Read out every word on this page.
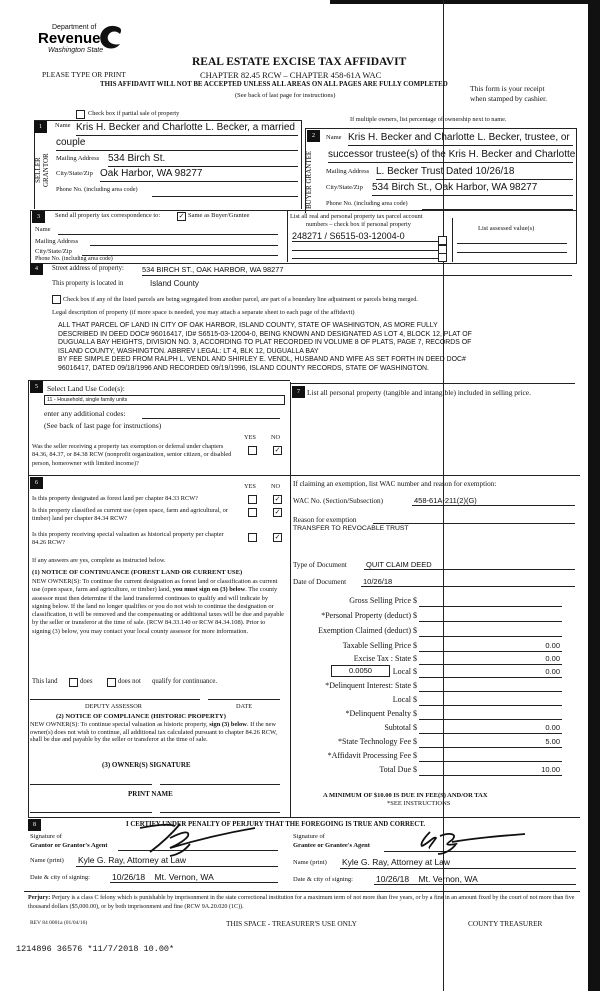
Department of
Revenue
Washington State
PLEASE TYPE OR PRINT
REAL ESTATE EXCISE TAX AFFIDAVIT
CHAPTER 82.45 RCW – CHAPTER 458-61A WAC
THIS AFFIDAVIT WILL NOT BE ACCEPTED UNLESS ALL AREAS ON ALL PAGES ARE FULLY COMPLETED
(See back of last page for instructions)
This form is your receipt
when stamped by cashier.
Check box if partial sale of property
If multiple owners, list percentage of ownership next to name.
1
SELLER GRANTOR
Name Kris H. Becker and Charlotte L. Becker, a married
couple
Mailing Address 534 Birch St.
City/State/Zip Oak Harbor, WA 98277
Phone No. (including area code)
2
BUYER GRANTEE
Name Kris H. Becker and Charlotte L. Becker, trustee, or
successor trustee(s) of the Kris H. Becker and Charlotte
Mailing Address L. Becker Trust Dated 10/26/18
City/State/Zip 534 Birch St., Oak Harbor, WA 98277
Phone No. (including area code)
3	Send all property tax correspondence to:	✓ Same as Buyer/Grantee
Name
Mailing Address
City/State/Zip
Phone No. (including area code)
List all real and personal property tax parcel account
numbers – check box if personal property
List assessed value(s)
248271 / S6515-03-12004-0
4	Street address of property: 534 BIRCH ST., OAK HARBOR, WA 98277
This property is located in	Island County
Check box if any of the listed parcels are being segregated from another parcel, are part of a boundary line adjustment or parcels being merged.
Legal description of property (if more space is needed, you may attach a separate sheet to each page of the affidavit)
ALL THAT PARCEL OF LAND IN CITY OF OAK HARBOR, ISLAND COUNTY, STATE OF WASHINGTON, AS MORE FULLY
DESCRIBED IN DEED DOC# 96016417, ID# S6515-03-12004-0, BEING KNOWN AND DESIGNATED AS LOT 4, BLOCK 12, PLAT OF
DUGUALLA BAY HEIGHTS, DIVISION NO. 3, ACCORDING TO PLAT RECORDED IN VOLUME 8 OF PLATS, PAGE 7, RECORDS OF
ISLAND COUNTY, WASHINGTON. ABBREV LEGAL: LT 4, BLK 12, DUGUALLA BAY
BY FEE SIMPLE DEED FROM RALPH L. VENDL AND SHIRLEY E. VENDL, HUSBAND AND WIFE AS SET FORTH IN DEED DOC#
96016417, DATED 09/18/1996 AND RECORDED 09/19/1996, ISLAND COUNTY RECORDS, STATE OF WASHINGTON.
5	Select Land Use Code(s):
11 - Household, single family units
enter any additional codes:
(See back of last page for instructions)
YES NO
Was the seller receiving a property tax exemption or deferral under chapters 84.36, 84.37, or 84.38 RCW (nonprofit organization, senior citizen, or disabled person, homeowner with limited income)?
✓
6	YES NO
Is this property designated as forest land per chapter 84.33 RCW?	✓
Is this property classified as current use (open space, farm and agricultural, or timber) land per chapter 84.34 RCW?
✓
Is this property receiving special valuation as historical property per chapter 84.26 RCW?
✓
If any answers are yes, complete as instructed below.
(1) NOTICE OF CONTINUANCE (FOREST LAND OR CURRENT USE)
NEW OWNER(S): To continue the current designation as forest land or classification as current use (open space, farm and agriculture, or timber) land, you must sign on (3) below. The county assessor must then determine if the land transferred continues to qualify and will indicate by signing below. If the land no longer qualifies or you do not wish to continue the designation or classification, it will be removed and the compensating or additional taxes will be due and payable by the seller or transferor at the time of sale. (RCW 84.33.140 or RCW 84.34.108). Prior to signing (3) below, you may contact your local county assessor for more information.
This land	does	does not qualify for continuance.
DEPUTY ASSESSOR	DATE
(2) NOTICE OF COMPLIANCE (HISTORIC PROPERTY)
NEW OWNER(S): To continue special valuation as historic property, sign (3) below. If the new owner(s) does not wish to continue, all additional tax calculated pursuant to chapter 84.26 RCW, shall be due and payable by the seller or transferor at the time of sale.
(3) OWNER(S) SIGNATURE
PRINT NAME
7 List all personal property (tangible and intangible) included in selling price.
If claiming an exemption, list WAC number and reason for exemption:
WAC No. (Section/Subsection)	458-61A-211(2)(G)
Reason for exemption
TRANSFER TO REVOCABLE TRUST
Type of Document	QUIT CLAIM DEED
Date of Document 10/26/18
Gross Selling Price $
*Personal Property (deduct) $
Exemption Claimed (deduct) $
Taxable Selling Price $	0.00
Excise Tax : State $	0.00
Local $	0.00
*Delinquent Interest: State $
Local $
*Delinquent Penalty $
Subtotal $	0.00
*State Technology Fee $	5.00
*Affidavit Processing Fee $
Total Due $	10.00
0.0050
A MINIMUM OF $10.00 IS DUE IN FEE(S) AND/OR TAX
*SEE INSTRUCTIONS
8	I CERTIFY UNDER PENALTY OF PERJURY THAT THE FOREGOING IS TRUE AND CORRECT.
Signature of
Grantor or Grantor's Agent
Name (print) Kyle G. Ray, Attorney at Law
Date & city of signing:	10/26/18    Mt. Vernon, WA
Signature of
Grantee or Grantee's Agent
Name (print) Kyle G. Ray, Attorney at Law
Date & city of signing:	10/26/18    Mt. Vernon, WA
Perjury: Perjury is a class C felony which is punishable by imprisonment in the state correctional institution for a maximum term of not more than five years, or by a fine in an amount fixed by the court of not more than five thousand dollars ($5,000.00), or by both imprisonment and fine (RCW 9A.20.020 (1C)).
REV 84 0001a (01/04/16)	THIS SPACE - TREASURER'S USE ONLY	COUNTY TREASURER
1214896 36576 *11/7/2018 10.00*
